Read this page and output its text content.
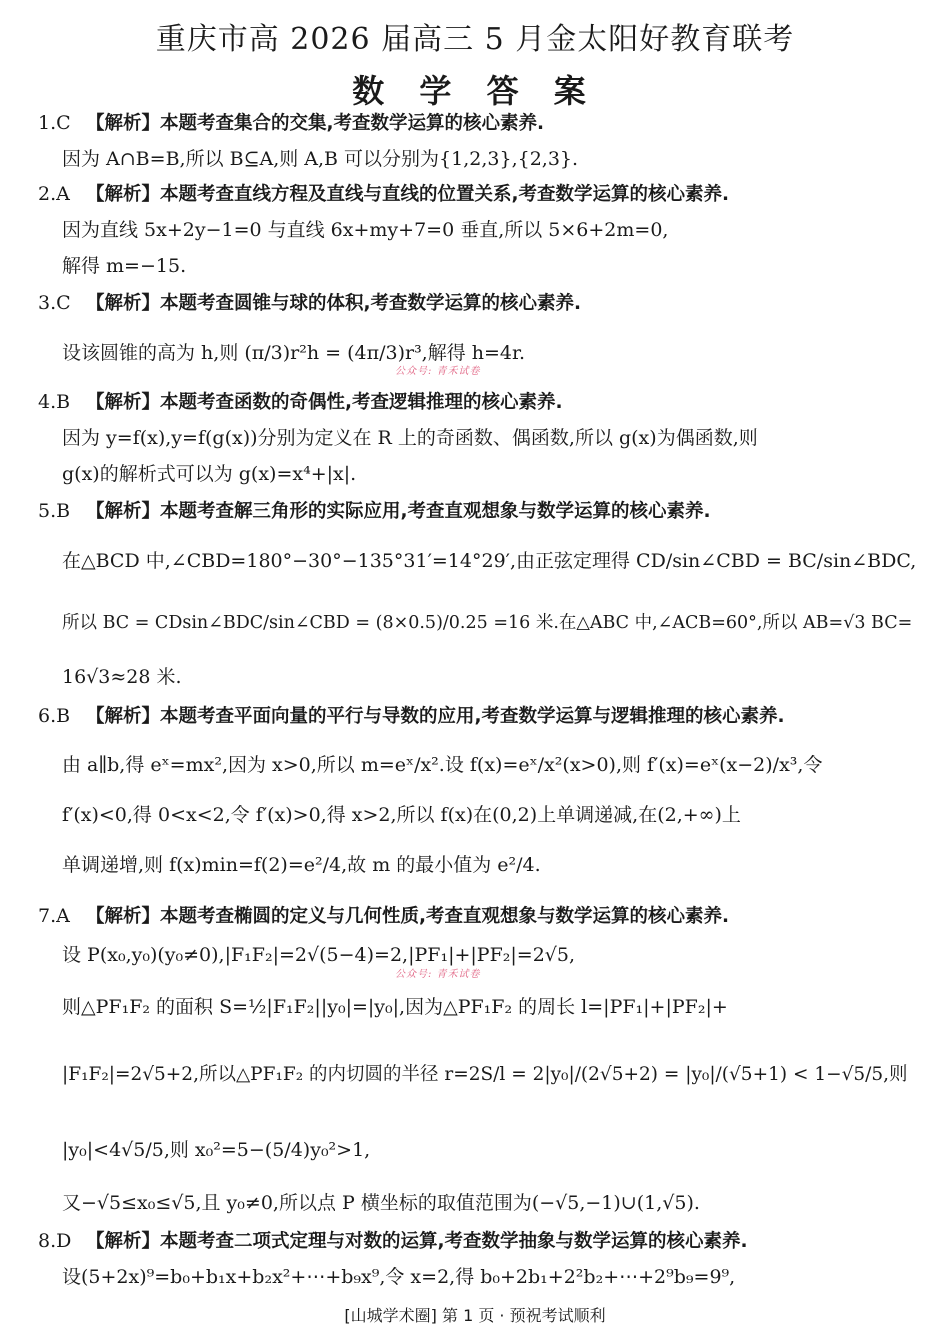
重庆市高 2026 届高三 5 月金太阳好教育联考
数 学 答 案
1.C 【解析】本题考查集合的交集,考查数学运算的核心素养.
因为 A∩B=B,所以 B⊆A,则 A,B 可以分别为{1,2,3},{2,3}.
2.A 【解析】本题考查直线方程及直线与直线的位置关系,考查数学运算的核心素养.
因为直线 5x+2y−1=0 与直线 6x+my+7=0 垂直,所以 5×6+2m=0,
解得 m=−15.
3.C 【解析】本题考查圆锥与球的体积,考查数学运算的核心素养.
设该圆锥的高为 h,则 (π/3)r²h = (4π/3)r³,解得 h=4r.
公众号: 青禾试卷
4.B 【解析】本题考查函数的奇偶性,考查逻辑推理的核心素养.
因为 y=f(x),y=f(g(x))分别为定义在 R 上的奇函数、偶函数,所以 g(x)为偶函数,则
g(x)的解析式可以为 g(x)=x⁴+|x|.
5.B 【解析】本题考查解三角形的实际应用,考查直观想象与数学运算的核心素养.
在△BCD 中,∠CBD=180°−30°−135°31′=14°29′,由正弦定理得 CD/sin∠CBD = BC/sin∠BDC,
所以 BC = CDsin∠BDC/sin∠CBD = (8×0.5)/0.25 =16 米.在△ABC 中,∠ACB=60°,所以 AB=√3 BC=
16√3≈28 米.
6.B 【解析】本题考查平面向量的平行与导数的应用,考查数学运算与逻辑推理的核心素养.
由 a∥b,得 eˣ=mx²,因为 x>0,所以 m=eˣ/x².设 f(x)=eˣ/x²(x>0),则 f′(x)=eˣ(x−2)/x³,令
f′(x)<0,得 0<x<2,令 f′(x)>0,得 x>2,所以 f(x)在(0,2)上单调递减,在(2,+∞)上
单调递增,则 f(x)min=f(2)=e²/4,故 m 的最小值为 e²/4.
7.A 【解析】本题考查椭圆的定义与几何性质,考查直观想象与数学运算的核心素养.
设 P(x₀,y₀)(y₀≠0),|F₁F₂|=2√(5−4)=2,|PF₁|+|PF₂|=2√5,
公众号: 青禾试卷
则△PF₁F₂ 的面积 S=½|F₁F₂||y₀|=|y₀|,因为△PF₁F₂ 的周长 l=|PF₁|+|PF₂|+
|F₁F₂|=2√5+2,所以△PF₁F₂ 的内切圆的半径 r=2S/l = 2|y₀|/(2√5+2) = |y₀|/(√5+1) < 1−√5/5,则
|y₀|<4√5/5,则 x₀²=5−(5/4)y₀²>1,
又−√5≤x₀≤√5,且 y₀≠0,所以点 P 横坐标的取值范围为(−√5,−1)∪(1,√5).
8.D 【解析】本题考查二项式定理与对数的运算,考查数学抽象与数学运算的核心素养.
设(5+2x)⁹=b₀+b₁x+b₂x²+⋯+b₉x⁹,令 x=2,得 b₀+2b₁+2²b₂+⋯+2⁹b₉=9⁹,
[山城学术圈] 第 1 页 · 预祝考试顺利
